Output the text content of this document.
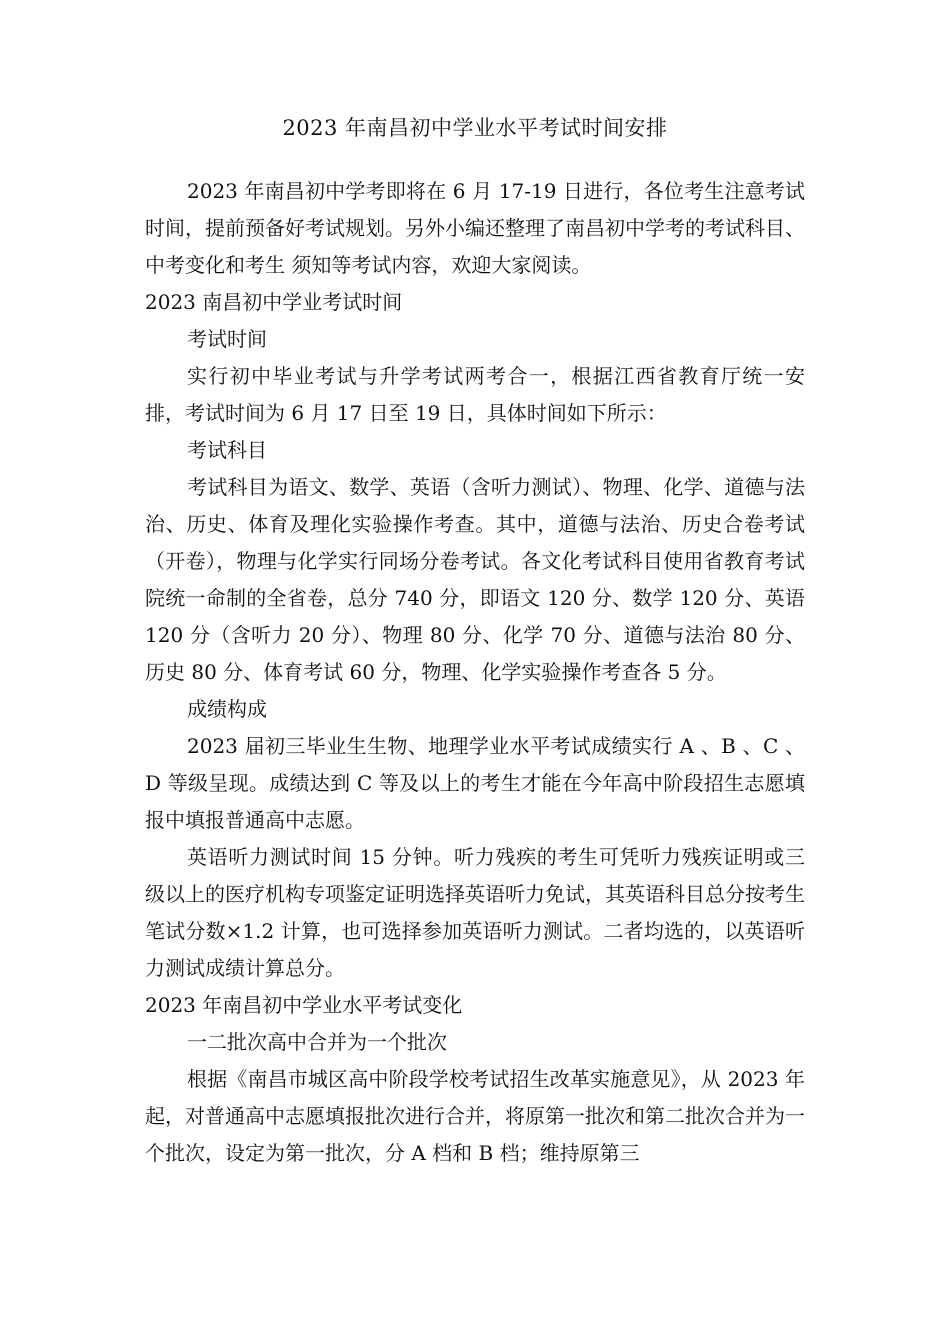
2023 年南昌初中学业水平考试时间安排

2023 年南昌初中学考即将在 6 月 17-19 日进行，各位考生注意考试时间，提前预备好考试规划。另外小编还整理了南昌初中学考的考试科目、中考变化和考生 须知等考试内容，欢迎大家阅读。

2023 南昌初中学业考试时间

考试时间

实行初中毕业考试与升学考试两考合一，根据江西省教育厅统一安排，考试时间为 6 月 17 日至 19 日，具体时间如下所示：

考试科目

考试科目为语文、数学、英语（含听力测试）、物理、化学、道德与法治、历史、体育及理化实验操作考查。其中，道德与法治、历史合卷考试（开卷），物理与化学实行同场分卷考试。各文化考试科目使用省教育考试院统一命制的全省卷，总分 740 分，即语文 120 分、数学 120 分、英语 120 分（含听力 20 分）、物理 80 分、化学 70 分、道德与法治 80 分、历史 80 分、体育考试 60 分，物理、化学实验操作考查各 5 分。

成绩构成

2023 届初三毕业生生物、地理学业水平考试成绩实行 A 、B 、C 、D 等级呈现。成绩达到 C 等及以上的考生才能在今年高中阶段招生志愿填报中填报普通高中志愿。

英语听力测试时间 15 分钟。听力残疾的考生可凭听力残疾证明或三级以上的医疗机构专项鉴定证明选择英语听力免试，其英语科目总分按考生笔试分数×1.2 计算，也可选择参加英语听力测试。二者均选的，以英语听力测试成绩计算总分。

2023 年南昌初中学业水平考试变化

一二批次高中合并为一个批次

根据《南昌市城区高中阶段学校考试招生改革实施意见》，从 2023 年起，对普通高中志愿填报批次进行合并，将原第一批次和第二批次合并为一个批次，设定为第一批次，分 A 档和 B 档；维持原第三
